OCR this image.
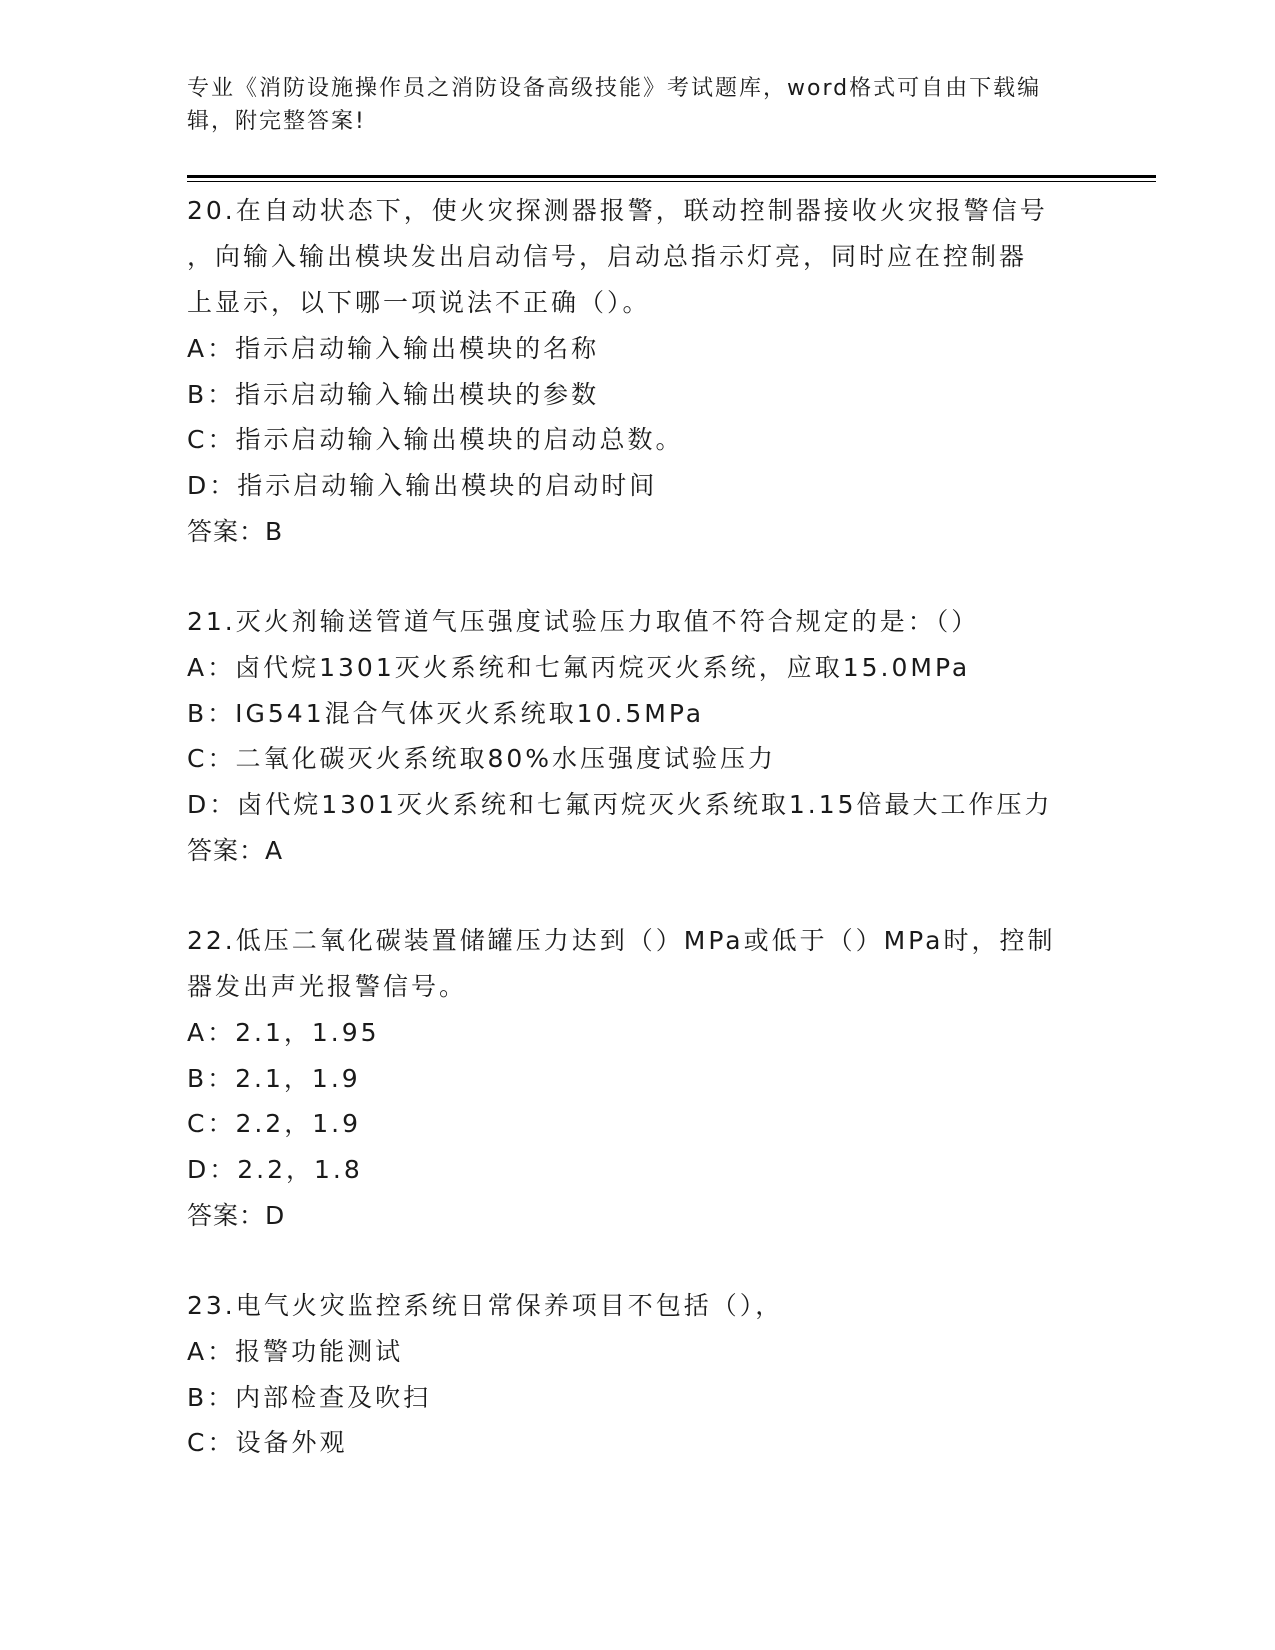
专业《消防设施操作员之消防设备高级技能》考试题库，word格式可自由下载编
辑，附完整答案!
20.在自动状态下，使火灾探测器报警，联动控制器接收火灾报警信号
，向输入输出模块发出启动信号，启动总指示灯亮，同时应在控制器
上显示，以下哪一项说法不正确（）。
A：指示启动输入输出模块的名称
B：指示启动输入输出模块的参数
C：指示启动输入输出模块的启动总数。
D：指示启动输入输出模块的启动时间
答案：B
21.灭火剂输送管道气压强度试验压力取值不符合规定的是：（）
A：卤代烷1301灭火系统和七氟丙烷灭火系统，应取15.0MPa
B：IG541混合气体灭火系统取10.5MPa
C：二氧化碳灭火系统取80%水压强度试验压力
D：卤代烷1301灭火系统和七氟丙烷灭火系统取1.15倍最大工作压力
答案：A
22.低压二氧化碳装置储罐压力达到（）MPa或低于（）MPa时，控制
器发出声光报警信号。
A：2.1，1.95
B：2.1，1.9
C：2.2，1.9
D：2.2，1.8
答案：D
23.电气火灾监控系统日常保养项目不包括（），
A：报警功能测试
B：内部检查及吹扫
C：设备外观
